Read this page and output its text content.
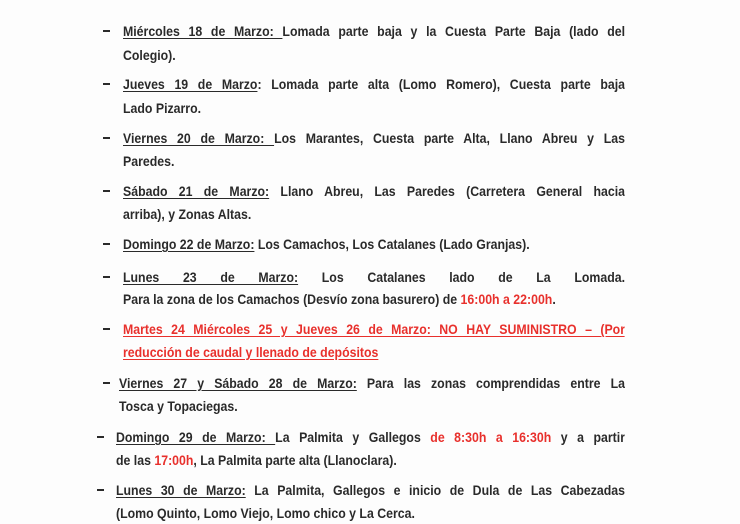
Miércoles 18 de Marzo: Lomada parte baja y la Cuesta Parte Baja (lado del
Colegio).
Jueves 19 de Marzo: Lomada parte alta (Lomo Romero), Cuesta parte baja
Lado Pizarro.
Viernes 20 de Marzo: Los Marantes, Cuesta parte Alta, Llano Abreu y Las
Paredes.
Sábado 21 de Marzo: Llano Abreu, Las Paredes (Carretera General hacia
arriba), y Zonas Altas.
Domingo 22 de Marzo: Los Camachos, Los Catalanes (Lado Granjas).
Lunes 23 de Marzo: Los Catalanes lado de La Lomada.
Para la zona de los Camachos (Desvío zona basurero) de 16:00h a 22:00h.
Martes 24 Miércoles 25 y Jueves 26 de Marzo: NO HAY SUMINISTRO – (Por
reducción de caudal y llenado de depósitos
Viernes 27 y Sábado 28 de Marzo: Para las zonas comprendidas entre La
Tosca y Topaciegas.
Domingo 29 de Marzo: La Palmita y Gallegos de 8:30h a 16:30h y a partir
de las 17:00h, La Palmita parte alta (Llanoclara).
Lunes 30 de Marzo: La Palmita, Gallegos e inicio de Dula de Las Cabezadas
(Lomo Quinto, Lomo Viejo, Lomo chico y La Cerca.
